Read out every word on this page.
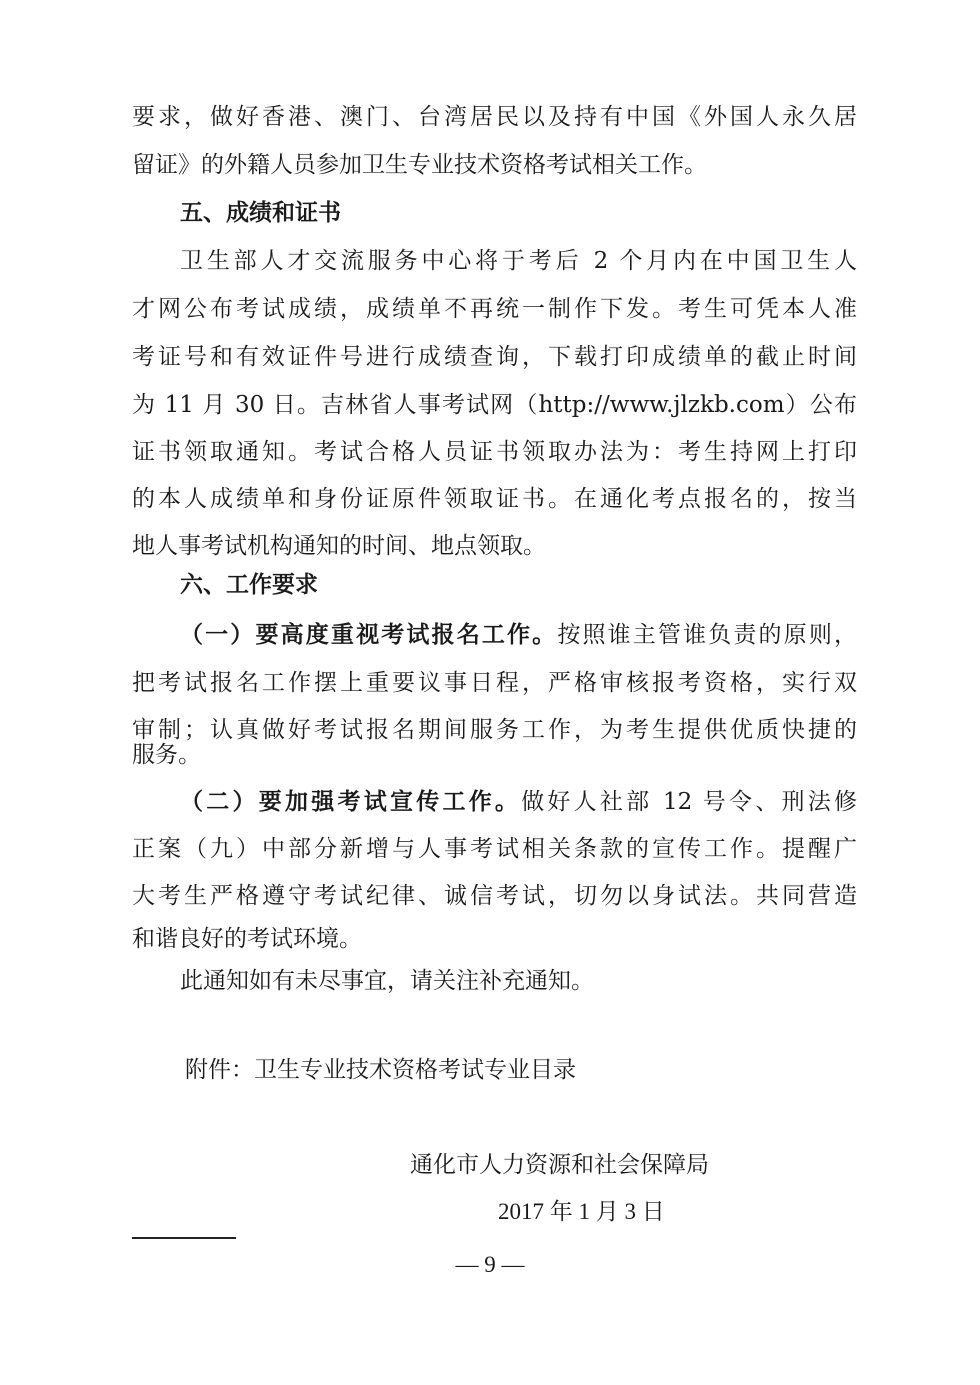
要求，做好香港、澳门、台湾居民以及持有中国《外国人永久居
留证》的外籍人员参加卫生专业技术资格考试相关工作。
五、成绩和证书
卫生部人才交流服务中心将于考后 2 个月内在中国卫生人
才网公布考试成绩，成绩单不再统一制作下发。考生可凭本人准
考证号和有效证件号进行成绩查询，下载打印成绩单的截止时间
为 11 月 30 日。吉林省人事考试网（http://www.jlzkb.com）公布
证书领取通知。考试合格人员证书领取办法为：考生持网上打印
的本人成绩单和身份证原件领取证书。在通化考点报名的，按当
地人事考试机构通知的时间、地点领取。
六、工作要求
（一）要高度重视考试报名工作。按照谁主管谁负责的原则，
把考试报名工作摆上重要议事日程，严格审核报考资格，实行双
审制；认真做好考试报名期间服务工作，为考生提供优质快捷的
服务。
（二）要加强考试宣传工作。做好人社部 12 号令、刑法修
正案（九）中部分新增与人事考试相关条款的宣传工作。提醒广
大考生严格遵守考试纪律、诚信考试，切勿以身试法。共同营造
和谐良好的考试环境。
此通知如有未尽事宜，请关注补充通知。
附件：卫生专业技术资格考试专业目录
通化市人力资源和社会保障局
2017 年 1 月 3 日
— 9 —
